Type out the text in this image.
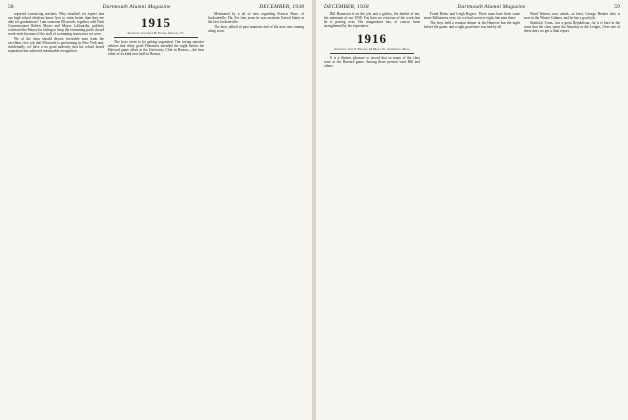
58	Dartmouth Alumni Magazine	DECEMBER, 1938

reported convincing teachers. Why shouldn't we expect that our high school idealism know how to swim better than they are able for graduations? I am someone Ellsworth, together with Park Commissioner Robert Moses and Mayor LaGuardia, publicly criticized the Mayor for failing to keep the swimming pools closed week-ends because of the staff of swimming instructors we were.

We of the class should devote favorable note from the excellent civic job that Ellsworth is performing in New York and, incidentally, we have a no good authority that his school board separation has achieved measurable recognition.

1915
Secretary, Chandler H. Foster, Orleans, Vt.

The boys seem to be getting organized. Our raving reporter advises that thirty good Fifteeners attended the night before the Harvard game affair at the University Club in Boston,—the best affair of its kind ever held in Boston.

Mentioned by a ad of new regarding Francis Huse, of Jacksonville, Fla. For four years he was assistant United States at the first Jacksonville.

The boys talked of past reunions and of the next one coming along soon.

DECEMBER, 1938	Dartmouth Alumni Magazine	59

Bill Hunerson is on the job, and a gallery, the dutiful of ten, the statement of our 1938. You have no criticism of the work that he is putting over. His imagination has, of course, been strengthened by his experience.

1916
Secretary, John F. English, 23 Maple St., Somerville, Mass.

It is a distinct pleasure to record that so many of the class were at the Harvard game. Among those present were Bill and others.

Frank Bohn; and Leigh Rogers. There must have been some noise Billonieres over, for we had seven or eight fine men there.

The boys held a reunion dinner at the Hanover Inn the night before the game, and a right good time was had by all.

Ward Warren, new asked—at least, George Bender who is now in the Winter Cabinet, and he has a good job.

Stanford, Conn., has a great Republican, for it is here in the town that the class spent the Saturday to the Ledges. Over one of these days we get a final report.
